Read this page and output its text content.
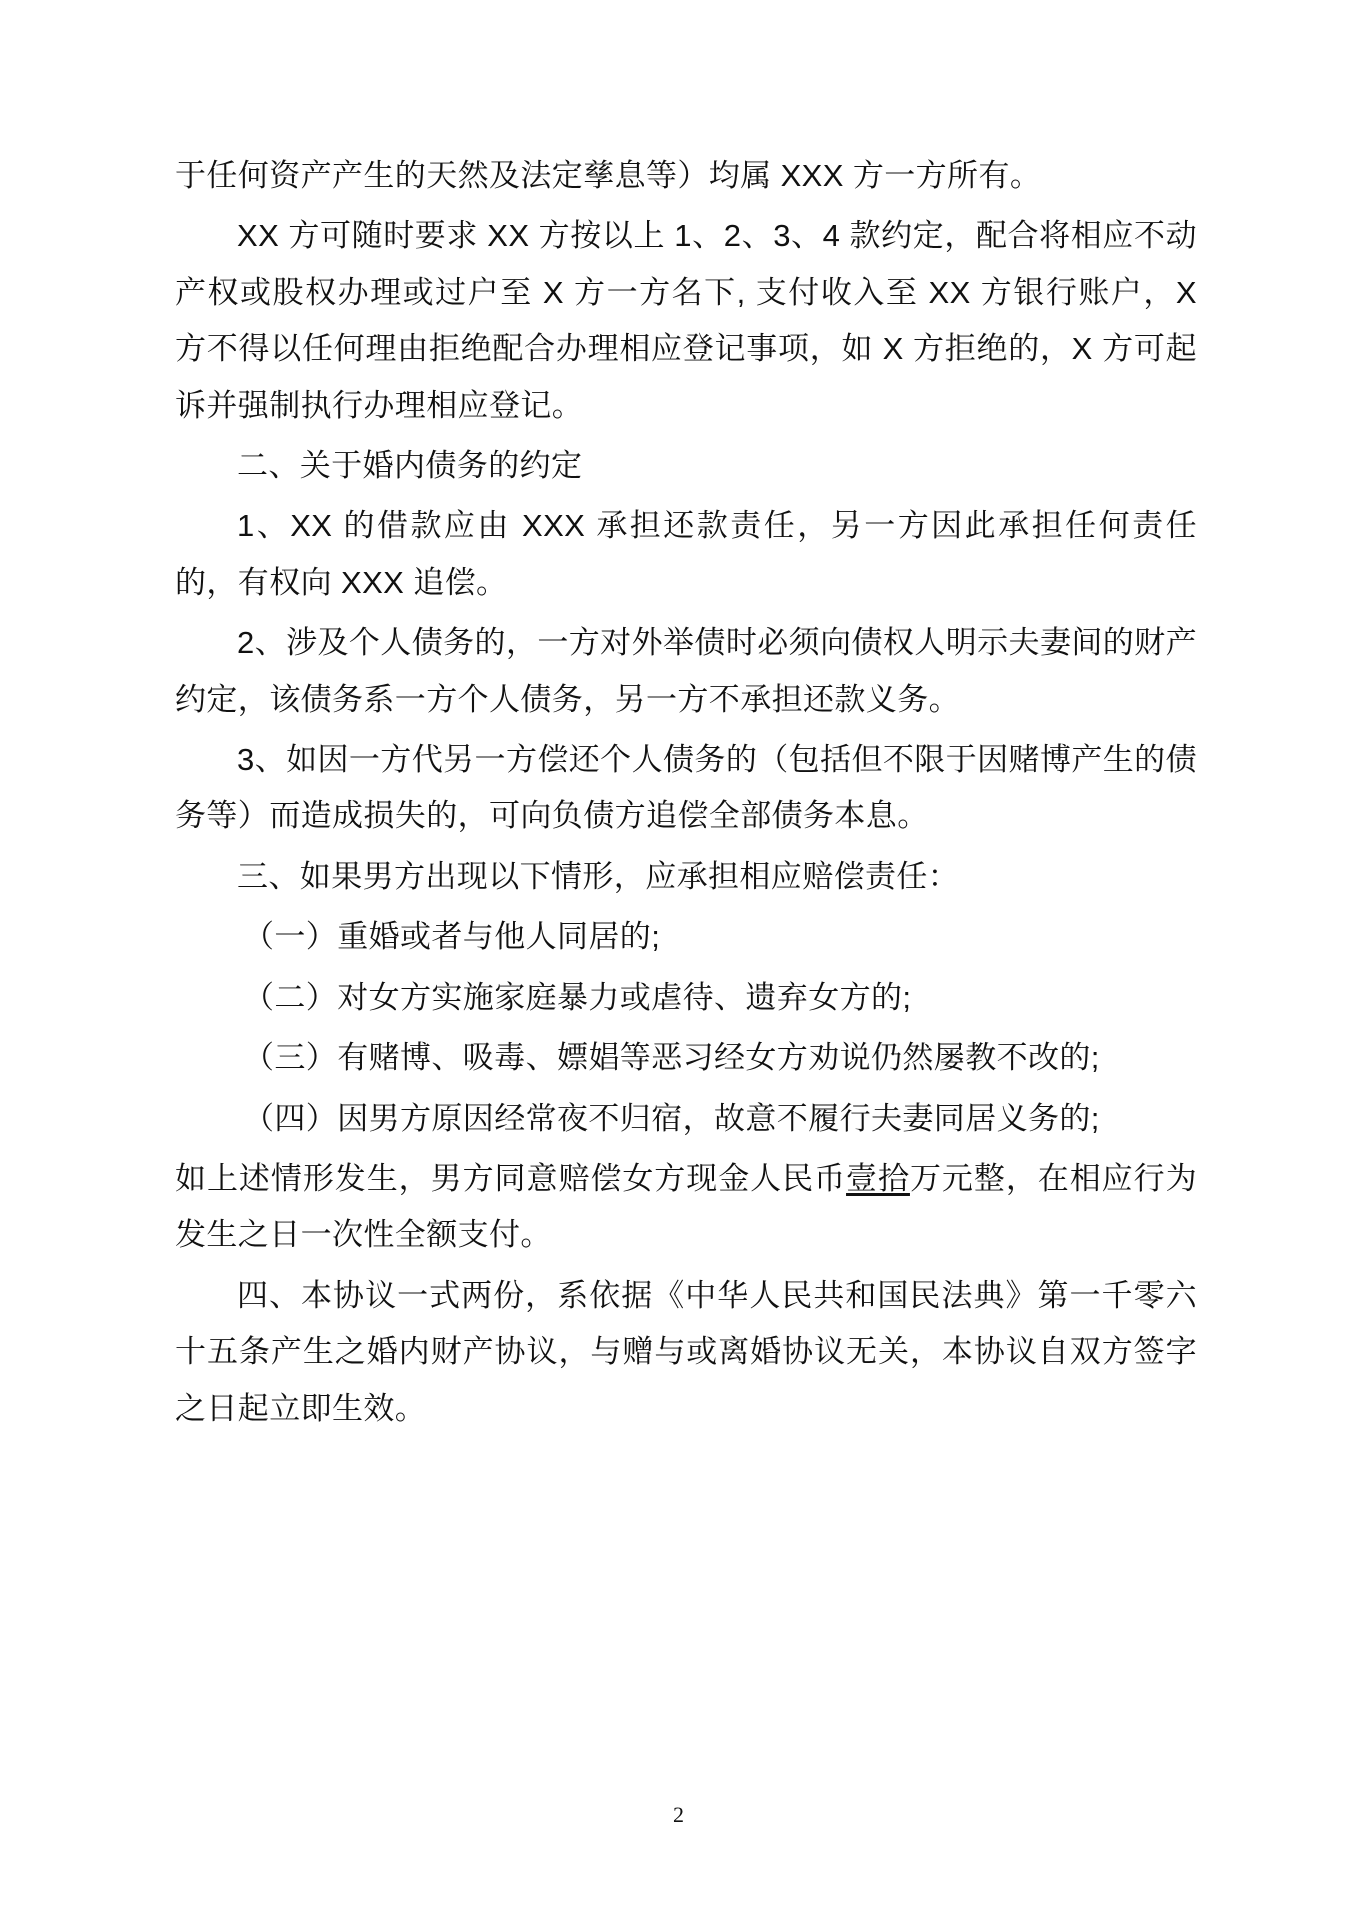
于任何资产产生的天然及法定孳息等）均属 XXX 方一方所有。

XX 方可随时要求 XX 方按以上 1、2、3、4 款约定，配合将相应不动产权或股权办理或过户至 X 方一方名下, 支付收入至 XX 方银行账户，X 方不得以任何理由拒绝配合办理相应登记事项，如 X 方拒绝的，X 方可起诉并强制执行办理相应登记。

二、关于婚内债务的约定

1、XX 的借款应由 XXX 承担还款责任，另一方因此承担任何责任的，有权向 XXX 追偿。

2、涉及个人债务的，一方对外举债时必须向债权人明示夫妻间的财产约定，该债务系一方个人债务，另一方不承担还款义务。

3、如因一方代另一方偿还个人债务的（包括但不限于因赌博产生的债务等）而造成损失的，可向负债方追偿全部债务本息。

三、如果男方出现以下情形，应承担相应赔偿责任：

（一）重婚或者与他人同居的;

（二）对女方实施家庭暴力或虐待、遗弃女方的;

（三）有赌博、吸毒、嫖娼等恶习经女方劝说仍然屡教不改的;

（四）因男方原因经常夜不归宿，故意不履行夫妻同居义务的;

如上述情形发生，男方同意赔偿女方现金人民币壹拾万元整，在相应行为发生之日一次性全额支付。

四、本协议一式两份，系依据《中华人民共和国民法典》第一千零六十五条产生之婚内财产协议，与赠与或离婚协议无关，本协议自双方签字之日起立即生效。

2
